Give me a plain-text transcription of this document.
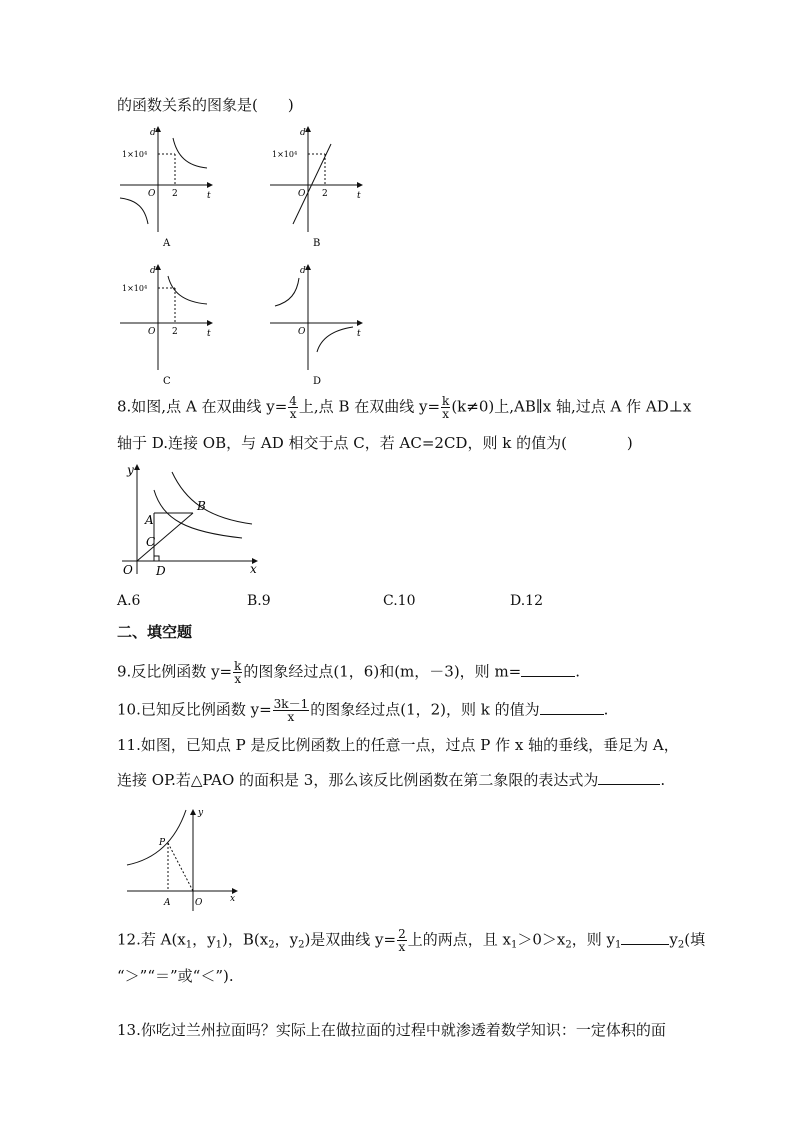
的函数关系的图象是(　　)
d
t
O 2
1×10⁴
A
d
t
O 2
1×10⁴
B
d
t
O 2
1×10⁴
C
d
t
O
D
8.如图,点 A 在双曲线 $y= \frac{4}{x}$ 上,点 B 在双曲线 $y= \frac{k}{x} (k\ne 0)$上,AB∥x 轴,过点 A 作 AD⊥x
轴于 D.连接 OB，与 AD 相交于点 C，若 AC=2CD，则 k 的值为(　　　　)
y
x
O D
A
B
C
A.6	B.9	C.10	D.12
二、填空题
9.反比例函数 $y= \frac{k}{x}$ 的图象经过点(1，6)和(m，－3)，则 m=	.
10.已知反比例函数 $y= \frac{3k-1}{x}$ 的图象经过点(1，2)，则 k 的值为	.
11.如图，已知点 P 是反比例函数上的任意一点，过点 P 作 x 轴的垂线，垂足为 A，
连接 OP.若△PAO 的面积是 3，那么该反比例函数在第二象限的表达式为	.
y
x
P
A	O
12.若 $A(x_1$，$y_1$)，$B(x_2$，$y_2$)是双曲线 $y= \frac{2}{x}$ 上的两点，且 $x_1>0>x_2$，则 $y_1$	$y_2$(填
“＞”“＝”或“＜”).
13.你吃过兰州拉面吗？实际上在做拉面的过程中就渗透着数学知识：一定体积的面
